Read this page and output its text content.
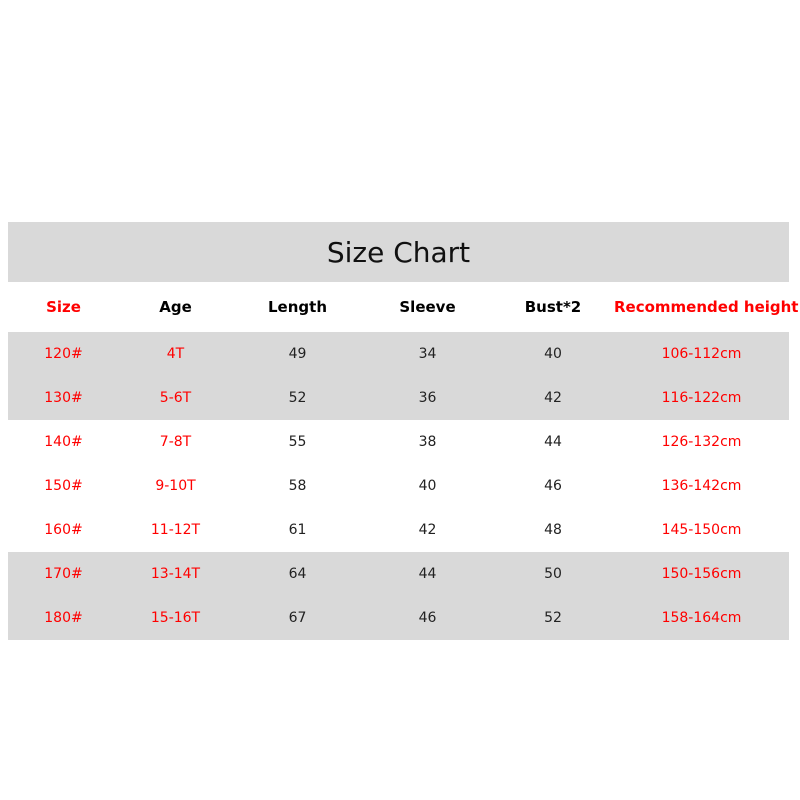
Size Chart
Size	Age	Length	Sleeve	Bust*2	Recommended height
120#	4T	49	34	40	106-112cm
130#	5-6T	52	36	42	116-122cm
140#	7-8T	55	38	44	126-132cm
150#	9-10T	58	40	46	136-142cm
160#	11-12T	61	42	48	145-150cm
170#	13-14T	64	44	50	150-156cm
180#	15-16T	67	46	52	158-164cm
